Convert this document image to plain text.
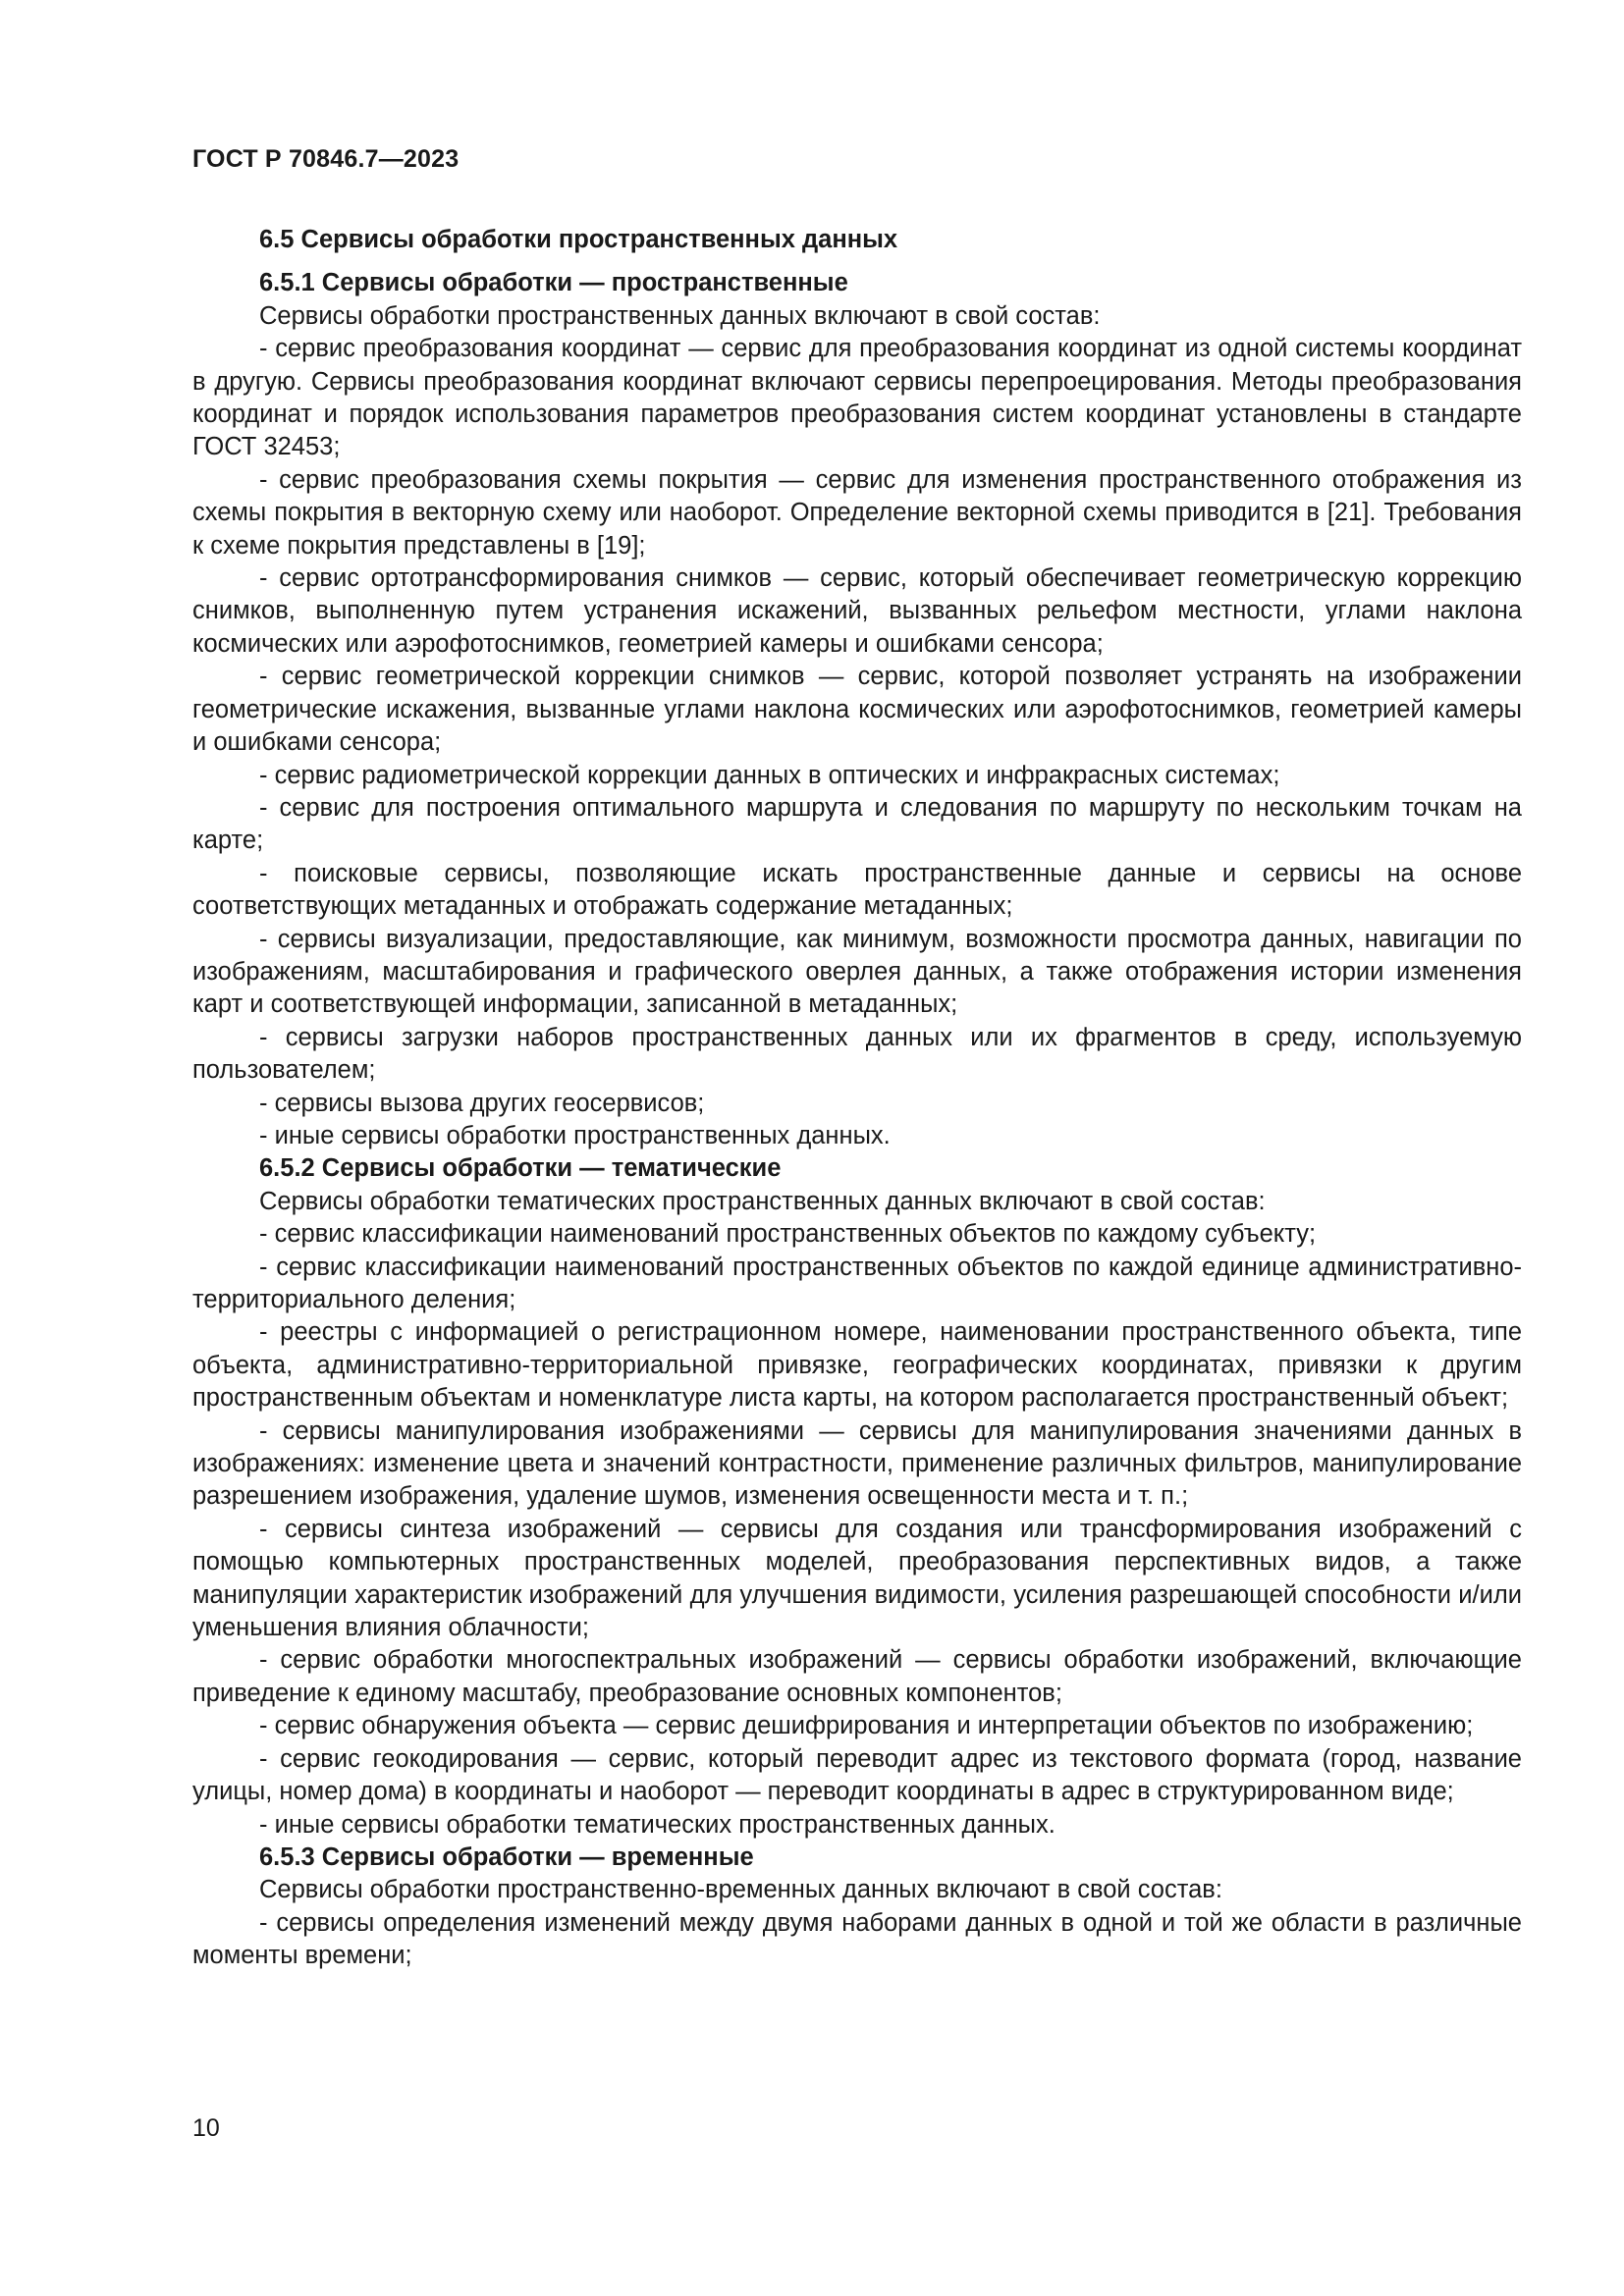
ГОСТ Р 70846.7—2023
6.5 Сервисы обработки пространственных данных
6.5.1 Сервисы обработки — пространственные

Сервисы обработки пространственных данных включают в свой состав:

- сервис преобразования координат — сервис для преобразования координат из одной системы координат в другую. Сервисы преобразования координат включают сервисы перепроецирования. Методы преобразования координат и порядок использования параметров преобразования систем координат установлены в стандарте ГОСТ 32453;

- сервис преобразования схемы покрытия — сервис для изменения пространственного отображения из схемы покрытия в векторную схему или наоборот. Определение векторной схемы приводится в [21]. Требования к схеме покрытия представлены в [19];

- сервис ортотрансформирования снимков — сервис, который обеспечивает геометрическую коррекцию снимков, выполненную путем устранения искажений, вызванных рельефом местности, углами наклона космических или аэрофотоснимков, геометрией камеры и ошибками сенсора;

- сервис геометрической коррекции снимков — сервис, которой позволяет устранять на изображении геометрические искажения, вызванные углами наклона космических или аэрофотоснимков, геометрией камеры и ошибками сенсора;

- сервис радиометрической коррекции данных в оптических и инфракрасных системах;

- сервис для построения оптимального маршрута и следования по маршруту по нескольким точкам на карте;

- поисковые сервисы, позволяющие искать пространственные данные и сервисы на основе соответствующих метаданных и отображать содержание метаданных;

- сервисы визуализации, предоставляющие, как минимум, возможности просмотра данных, навигации по изображениям, масштабирования и графического оверлея данных, а также отображения истории изменения карт и соответствующей информации, записанной в метаданных;

- сервисы загрузки наборов пространственных данных или их фрагментов в среду, используемую пользователем;

- сервисы вызова других геосервисов;

- иные сервисы обработки пространственных данных.

6.5.2 Сервисы обработки — тематические

Сервисы обработки тематических пространственных данных включают в свой состав:

- сервис классификации наименований пространственных объектов по каждому субъекту;

- сервис классификации наименований пространственных объектов по каждой единице административно-территориального деления;

- реестры с информацией о регистрационном номере, наименовании пространственного объекта, типе объекта, административно-территориальной привязке, географических координатах, привязки к другим пространственным объектам и номенклатуре листа карты, на котором располагается пространственный объект;

- сервисы манипулирования изображениями — сервисы для манипулирования значениями данных в изображениях: изменение цвета и значений контрастности, применение различных фильтров, манипулирование разрешением изображения, удаление шумов, изменения освещенности места и т. п.;

- сервисы синтеза изображений — сервисы для создания или трансформирования изображений с помощью компьютерных пространственных моделей, преобразования перспективных видов, а также манипуляции характеристик изображений для улучшения видимости, усиления разрешающей способности и/или уменьшения влияния облачности;

- сервис обработки многоспектральных изображений — сервисы обработки изображений, включающие приведение к единому масштабу, преобразование основных компонентов;

- сервис обнаружения объекта — сервис дешифрирования и интерпретации объектов по изображению;

- сервис геокодирования — сервис, который переводит адрес из текстового формата (город, название улицы, номер дома) в координаты и наоборот — переводит координаты в адрес в структурированном виде;

- иные сервисы обработки тематических пространственных данных.

6.5.3 Сервисы обработки — временные

Сервисы обработки пространственно-временных данных включают в свой состав:

- сервисы определения изменений между двумя наборами данных в одной и той же области в различные моменты времени;

10
